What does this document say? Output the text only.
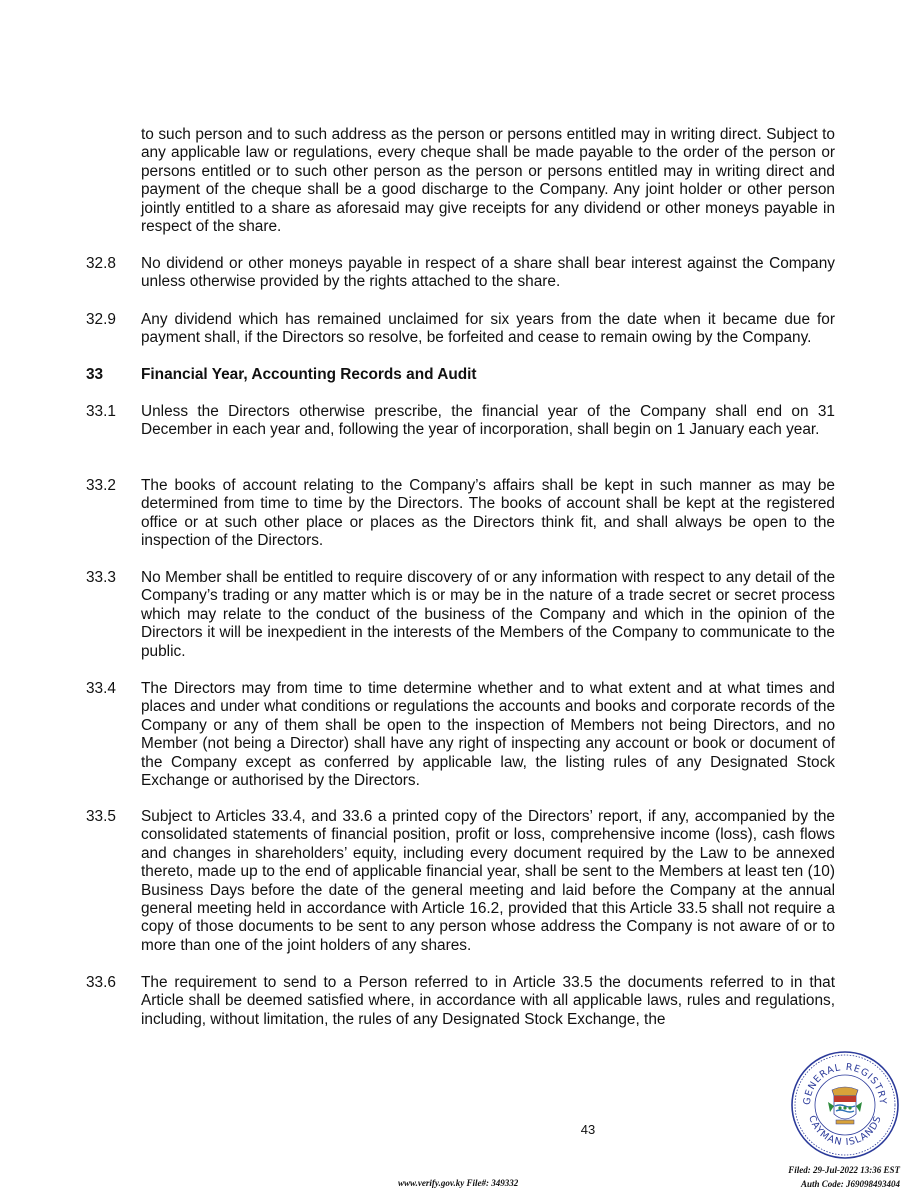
to such person and to such address as the person or persons entitled may in writing direct. Subject to any applicable law or regulations, every cheque shall be made payable to the order of the person or persons entitled or to such other person as the person or persons entitled may in writing direct and payment of the cheque shall be a good discharge to the Company. Any joint holder or other person jointly entitled to a share as aforesaid may give receipts for any dividend or other moneys payable in respect of the share.
32.8	No dividend or other moneys payable in respect of a share shall bear interest against the Company unless otherwise provided by the rights attached to the share.
32.9	Any dividend which has remained unclaimed for six years from the date when it became due for payment shall, if the Directors so resolve, be forfeited and cease to remain owing by the Company.
33	Financial Year, Accounting Records and Audit
33.1	Unless the Directors otherwise prescribe, the financial year of the Company shall end on 31 December in each year and, following the year of incorporation, shall begin on 1 January each year.
33.2	The books of account relating to the Company’s affairs shall be kept in such manner as may be determined from time to time by the Directors. The books of account shall be kept at the registered office or at such other place or places as the Directors think fit, and shall always be open to the inspection of the Directors.
33.3	No Member shall be entitled to require discovery of or any information with respect to any detail of the Company’s trading or any matter which is or may be in the nature of a trade secret or secret process which may relate to the conduct of the business of the Company and which in the opinion of the Directors it will be inexpedient in the interests of the Members of the Company to communicate to the public.
33.4	The Directors may from time to time determine whether and to what extent and at what times and places and under what conditions or regulations the accounts and books and corporate records of the Company or any of them shall be open to the inspection of Members not being Directors, and no Member (not being a Director) shall have any right of inspecting any account or book or document of the Company except as conferred by applicable law, the listing rules of any Designated Stock Exchange or authorised by the Directors.
33.5	Subject to Articles 33.4, and 33.6 a printed copy of the Directors’ report, if any, accompanied by the consolidated statements of financial position, profit or loss, comprehensive income (loss), cash flows and changes in shareholders’ equity, including every document required by the Law to be annexed thereto, made up to the end of applicable financial year, shall be sent to the Members at least ten (10) Business Days before the date of the general meeting and laid before the Company at the annual general meeting held in accordance with Article 16.2, provided that this Article 33.5 shall not require a copy of those documents to be sent to any person whose address the Company is not aware of or to more than one of the joint holders of any shares.
33.6	The requirement to send to a Person referred to in Article 33.5 the documents referred to in that Article shall be deemed satisfied where, in accordance with all applicable laws, rules and regulations, including, without limitation, the rules of any Designated Stock Exchange, the
43
GENERAL REGISTRY
CAYMAN ISLANDS
www.verify.gov.ky File#: 349332
Filed: 29-Jul-2022 13:36 EST
Auth Code: J69098493404
